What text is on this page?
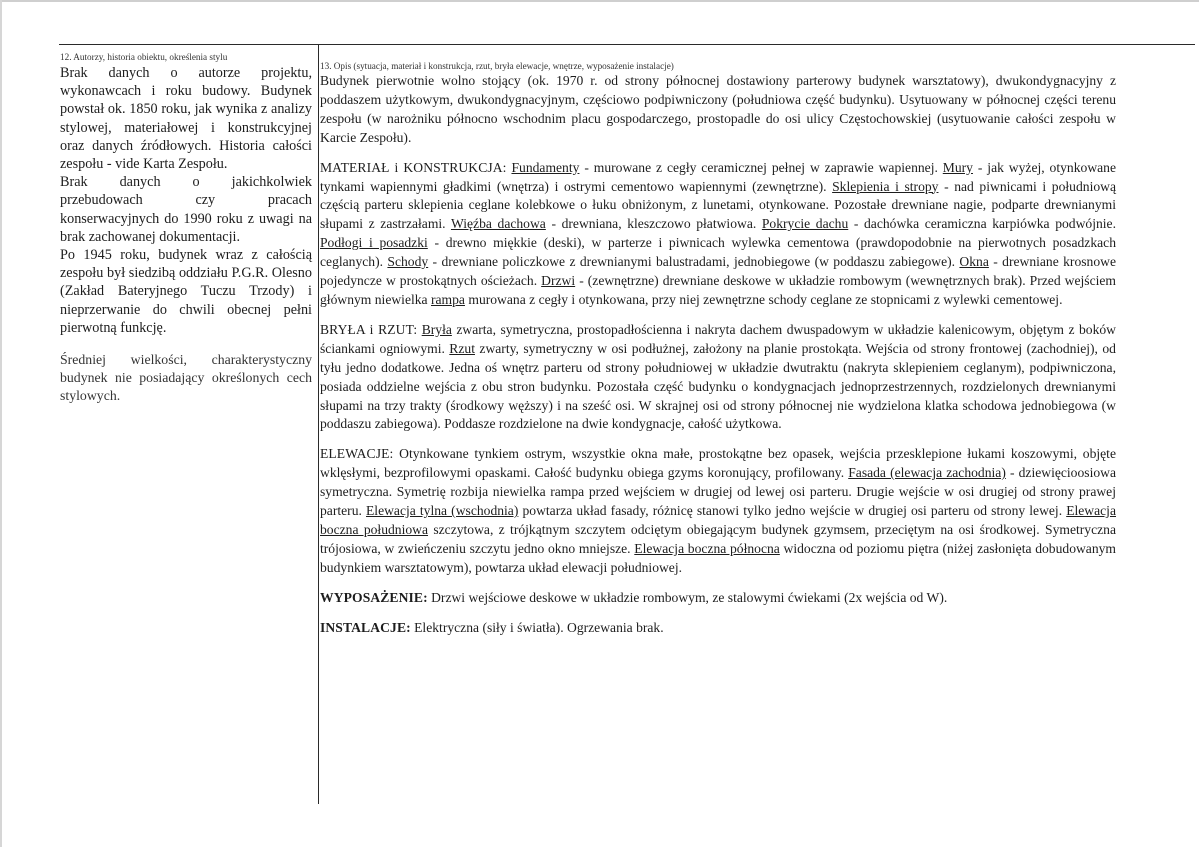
12. Autorzy, historia obiektu, określenia stylu

Brak danych o autorze projektu, wykonawcach i roku budowy. Budynek powstał ok. 1850 roku, jak wynika z analizy stylowej, materiałowej i konstrukcyjnej oraz danych źródłowych. Historia całości zespołu - vide Karta Zespołu.

Brak danych o jakichkolwiek przebudowach czy pracach konserwacyjnych do 1990 roku z uwagi na brak zachowanej dokumentacji.

Po 1945 roku, budynek wraz z całością zespołu był siedzibą oddziału P.G.R. Olesno (Zakład Bateryjnego Tuczu Trzody) i nieprzerwanie do chwili obecnej pełni pierwotną funkcję.

Średniej wielkości, charakterystyczny budynek nie posiadający określonych cech stylowych.

13. Opis (sytuacja, materiał i konstrukcja, rzut, bryła elewacje, wnętrze, wyposażenie instalacje)

Budynek pierwotnie wolno stojący (ok. 1970 r. od strony północnej dostawiony parterowy budynek warsztatowy), dwukondygnacyjny z poddaszem użytkowym, dwukondygnacyjnym, częściowo podpiwniczony (południowa część budynku). Usytuowany w północnej części terenu zespołu (w narożniku północno wschodnim placu gospodarczego, prostopadle do osi ulicy Częstochowskiej (usytuowanie całości zespołu w Karcie Zespołu).

MATERIAŁ i KONSTRUKCJA: Fundamenty - murowane z cegły ceramicznej pełnej w zaprawie wapiennej. Mury - jak wyżej, otynkowane tynkami wapiennymi gładkimi (wnętrza) i ostrymi cementowo wapiennymi (zewnętrzne). Sklepienia i stropy - nad piwnicami i południową częścią parteru sklepienia ceglane kolebkowe o łuku obniżonym, z lunetami, otynkowane. Pozostałe drewniane nagie, podparte drewnianymi słupami z zastrzałami. Więźba dachowa - drewniana, kleszczowo płatwiowa. Pokrycie dachu - dachówka ceramiczna karpiówka podwójnie. Podłogi i posadzki - drewno miękkie (deski), w parterze i piwnicach wylewka cementowa (prawdopodobnie na pierwotnych posadzkach ceglanych). Schody - drewniane policzkowe z drewnianymi balustradami, jednobiegowe (w poddaszu zabiegowe). Okna - drewniane krosnowe pojedyncze w prostokątnych ościeżach. Drzwi - (zewnętrzne) drewniane deskowe w układzie rombowym (wewnętrznych brak). Przed wejściem głównym niewielka rampa murowana z cegły i otynkowana, przy niej zewnętrzne schody ceglane ze stopnicami z wylewki cementowej.

BRYŁA i RZUT: Bryła zwarta, symetryczna, prostopadłościenna i nakryta dachem dwuspadowym w układzie kalenicowym, objętym z boków ściankami ogniowymi. Rzut zwarty, symetryczny w osi podłużnej, założony na planie prostokąta. Wejścia od strony frontowej (zachodniej), od tyłu jedno dodatkowe. Jedna oś wnętrz parteru od strony południowej w układzie dwutraktu (nakryta sklepieniem ceglanym), podpiwniczona, posiada oddzielne wejścia z obu stron budynku. Pozostała część budynku o kondygnacjach jednoprzestrzennych, rozdzielonych drewnianymi słupami na trzy trakty (środkowy węższy) i na sześć osi. W skrajnej osi od strony północnej nie wydzielona klatka schodowa jednobiegowa (w poddaszu zabiegowa). Poddasze rozdzielone na dwie kondygnacje, całość użytkowa.

ELEWACJE: Otynkowane tynkiem ostrym, wszystkie okna małe, prostokątne bez opasek, wejścia przesklepione łukami koszowymi, objęte wklęsłymi, bezprofilowymi opaskami. Całość budynku obiega gzyms koronujący, profilowany. Fasada (elewacja zachodnia) - dziewięcioosiowa symetryczna. Symetrię rozbija niewielka rampa przed wejściem w drugiej od lewej osi parteru. Drugie wejście w osi drugiej od strony prawej parteru. Elewacja tylna (wschodnia) powtarza układ fasady, różnicę stanowi tylko jedno wejście w drugiej osi parteru od strony lewej. Elewacja boczna południowa szczytowa, z trójkątnym szczytem odciętym obiegającym budynek gzymsem, przeciętym na osi środkowej. Symetryczna trójosiowa, w zwieńczeniu szczytu jedno okno mniejsze. Elewacja boczna północna widoczna od poziomu piętra (niżej zasłonięta dobudowanym budynkiem warsztatowym), powtarza układ elewacji południowej.

WYPOSAŻENIE: Drzwi wejściowe deskowe w układzie rombowym, ze stalowymi ćwiekami (2x wejścia od W).

INSTALACJE: Elektryczna (siły i światła). Ogrzewania brak.
